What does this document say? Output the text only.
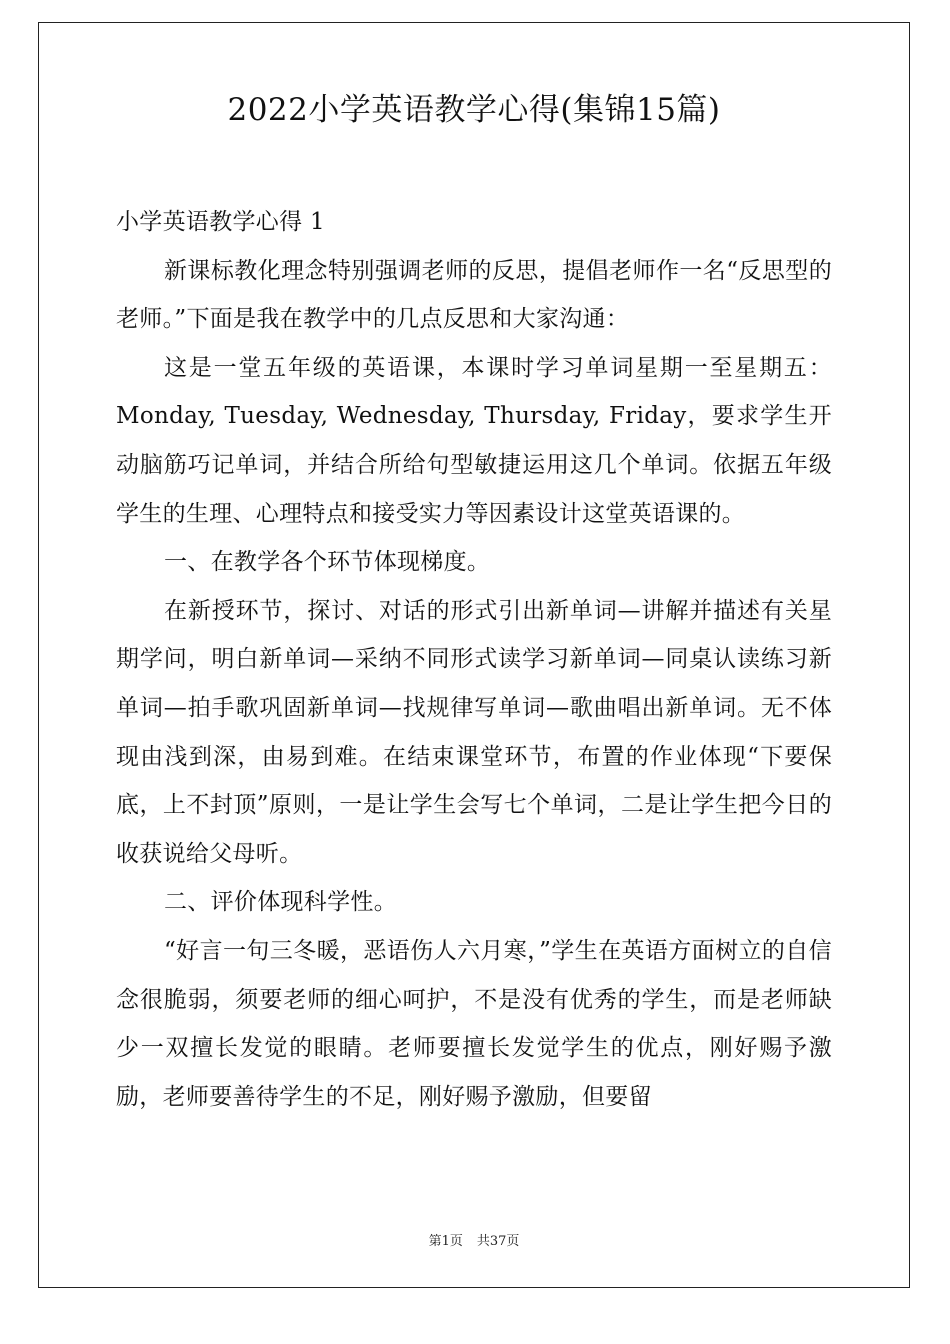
2022小学英语教学心得(集锦15篇)

小学英语教学心得 1

新课标教化理念特别强调老师的反思，提倡老师作一名“反思型的老师。”下面是我在教学中的几点反思和大家沟通：

这是一堂五年级的英语课，本课时学习单词星期一至星期五：Monday, Tuesday, Wednesday, Thursday, Friday，要求学生开动脑筋巧记单词，并结合所给句型敏捷运用这几个单词。依据五年级学生的生理、心理特点和接受实力等因素设计这堂英语课的。

一、在教学各个环节体现梯度。

在新授环节，探讨、对话的形式引出新单词—讲解并描述有关星期学问，明白新单词—采纳不同形式读学习新单词—同桌认读练习新单词—拍手歌巩固新单词—找规律写单词—歌曲唱出新单词。无不体现由浅到深，由易到难。在结束课堂环节，布置的作业体现“下要保底，上不封顶”原则，一是让学生会写七个单词，二是让学生把今日的收获说给父母听。

二、评价体现科学性。

“好言一句三冬暖，恶语伤人六月寒，”学生在英语方面树立的自信念很脆弱，须要老师的细心呵护，不是没有优秀的学生，而是老师缺少一双擅长发觉的眼睛。老师要擅长发觉学生的优点，刚好赐予激励，老师要善待学生的不足，刚好赐予激励，但要留

第1页 共37页
